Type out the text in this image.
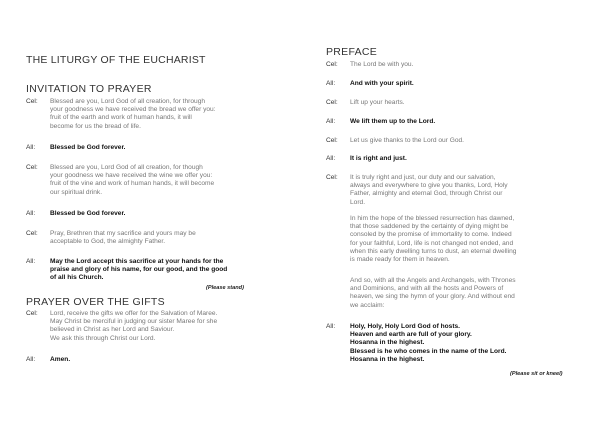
THE LITURGY OF THE EUCHARIST
INVITATION TO PRAYER
Cel:	Blessed are you, Lord God of all creation, for through
your goodness we have received the bread we offer you:
fruit of the earth and work of human hands, it will
become for us the bread of life.
All:	Blessed be God forever.
Cel:	Blessed are you, Lord God of all creation, for though
your goodness we have received the wine we offer you:
fruit of the vine and work of human hands, it will become
our spiritual drink.
All:	Blessed be God forever.
Cel:	Pray, Brethren that my sacrifice and yours may be
acceptable to God, the almighty Father.
All:	May the Lord accept this sacrifice at your hands for the
praise and glory of his name, for our good, and the good
of all his Church.
(Please stand)
PRAYER OVER THE GIFTS
Cel:	Lord, receive the gifts we offer for the Salvation of Maree.
May Christ be merciful in judging our sister Maree for she
believed in Christ as her Lord and Saviour.
We ask this through Christ our Lord.
All:	Amen.
PREFACE
Cel:	The Lord be with you.
All:	And with your spirit.
Cel:	Lift up your hearts.
All:	We lift them up to the Lord.
Cel:	Let us give thanks to the Lord our God.
All:	It is right and just.
Cel:	It is truly right and just, our duty and our salvation,
always and everywhere to give you thanks, Lord, Holy
Father, almighty and eternal God, through Christ our
Lord.
In him the hope of the blessed resurrection has dawned,
that those saddened by the certainty of dying might be
consoled by the promise of immortality to come. Indeed
for your faithful, Lord, life is not changed not ended, and
when this early dwelling turns to dust, an eternal dwelling
is made ready for them in heaven.
And so, with all the Angels and Archangels, with Thrones
and Dominions, and with all the hosts and Powers of
heaven, we sing the hymn of your glory. And without end
we acclaim:
All:	Holy, Holy, Holy Lord God of hosts.
Heaven and earth are full of your glory.
Hosanna in the highest.
Blessed is he who comes in the name of the Lord.
Hosanna in the highest.
(Please sit or kneel)
